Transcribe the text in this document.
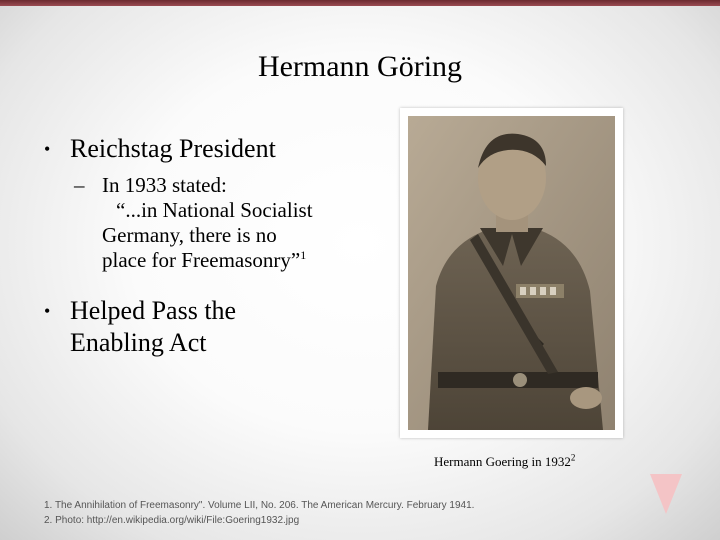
Hermann Göring
• Reichstag President
– In 1933 stated:
“...in National Socialist
Germany, there is no
place for Freemasonry”$^1$
• Helped Pass the
Enabling Act
Hermann Goering in 1932$^2$
1. The Annihilation of Freemasonry". Volume LII, No. 206. The American Mercury. February 1941.
2. Photo: http://en.wikipedia.org/wiki/File:Goering1932.jpg
